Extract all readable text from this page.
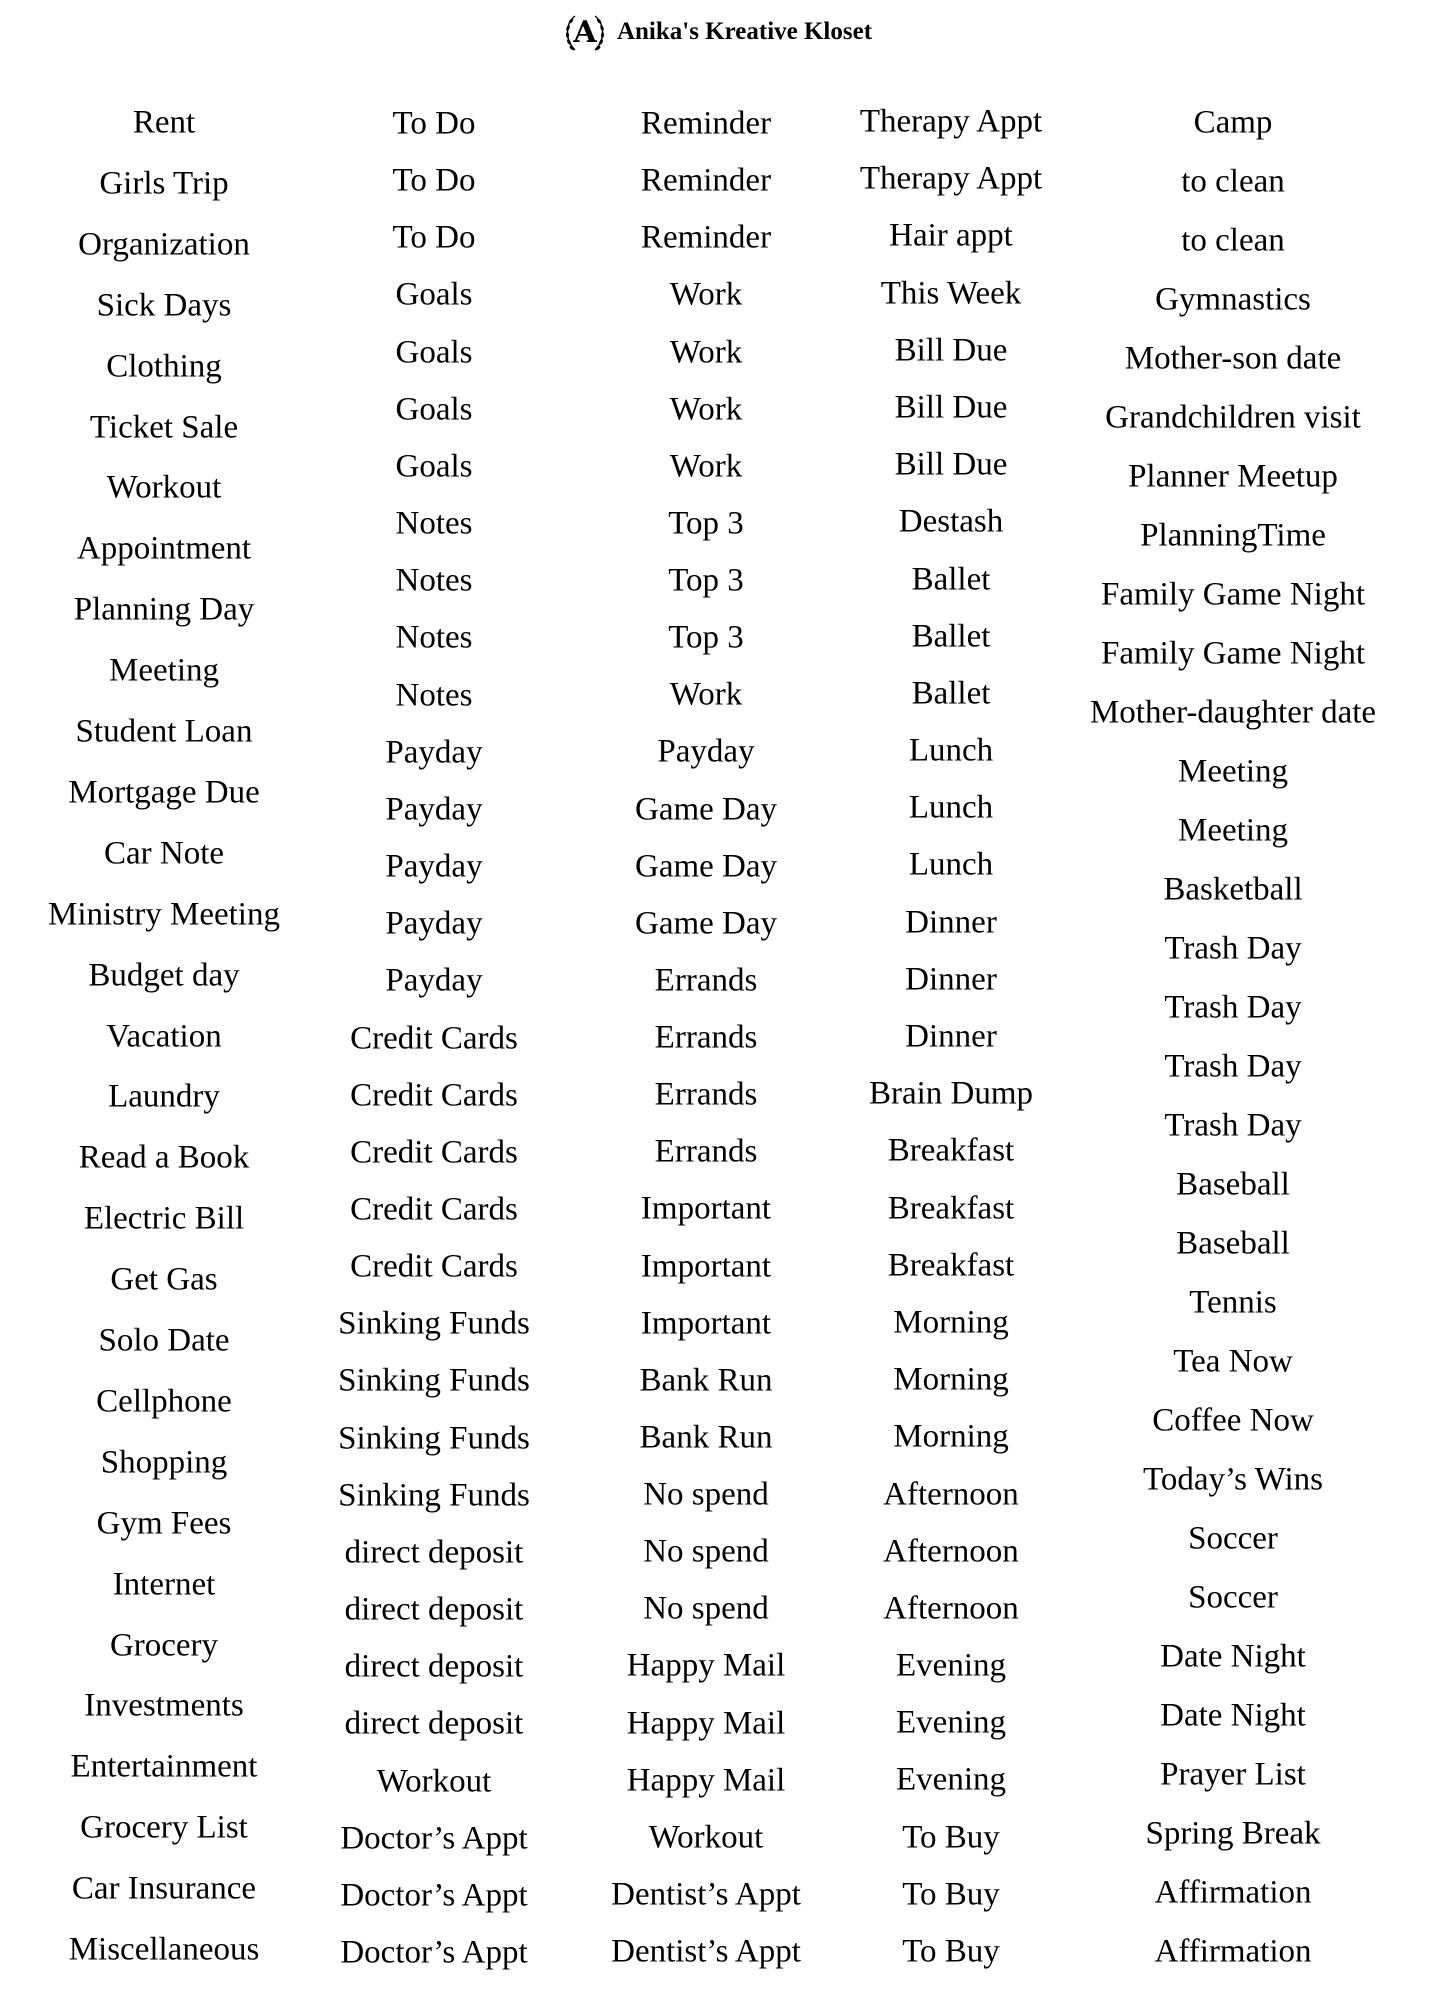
A Anika's Kreative Kloset
Rent
Girls Trip
Organization
Sick Days
Clothing
Ticket Sale
Workout
Appointment
Planning Day
Meeting
Student Loan
Mortgage Due
Car Note
Ministry Meeting
Budget day
Vacation
Laundry
Read a Book
Electric Bill
Get Gas
Solo Date
Cellphone
Shopping
Gym Fees
Internet
Grocery
Investments
Entertainment
Grocery List
Car Insurance
Miscellaneous
To Do
To Do
To Do
Goals
Goals
Goals
Goals
Notes
Notes
Notes
Notes
Payday
Payday
Payday
Payday
Payday
Credit Cards
Credit Cards
Credit Cards
Credit Cards
Credit Cards
Sinking Funds
Sinking Funds
Sinking Funds
Sinking Funds
direct deposit
direct deposit
direct deposit
direct deposit
Workout
Doctor’s Appt
Doctor’s Appt
Doctor’s Appt
Reminder
Reminder
Reminder
Work
Work
Work
Work
Top 3
Top 3
Top 3
Work
Payday
Game Day
Game Day
Game Day
Errands
Errands
Errands
Errands
Important
Important
Important
Bank Run
Bank Run
No spend
No spend
No spend
Happy Mail
Happy Mail
Happy Mail
Workout
Dentist’s Appt
Dentist’s Appt
Therapy Appt
Therapy Appt
Hair appt
This Week
Bill Due
Bill Due
Bill Due
Destash
Ballet
Ballet
Ballet
Lunch
Lunch
Lunch
Dinner
Dinner
Dinner
Brain Dump
Breakfast
Breakfast
Breakfast
Morning
Morning
Morning
Afternoon
Afternoon
Afternoon
Evening
Evening
Evening
To Buy
To Buy
To Buy
Camp
to clean
to clean
Gymnastics
Mother-son date
Grandchildren visit
Planner Meetup
PlanningTime
Family Game Night
Family Game Night
Mother-daughter date
Meeting
Meeting
Basketball
Trash Day
Trash Day
Trash Day
Trash Day
Baseball
Baseball
Tennis
Tea Now
Coffee Now
Today’s Wins
Soccer
Soccer
Date Night
Date Night
Prayer List
Spring Break
Affirmation
Affirmation
